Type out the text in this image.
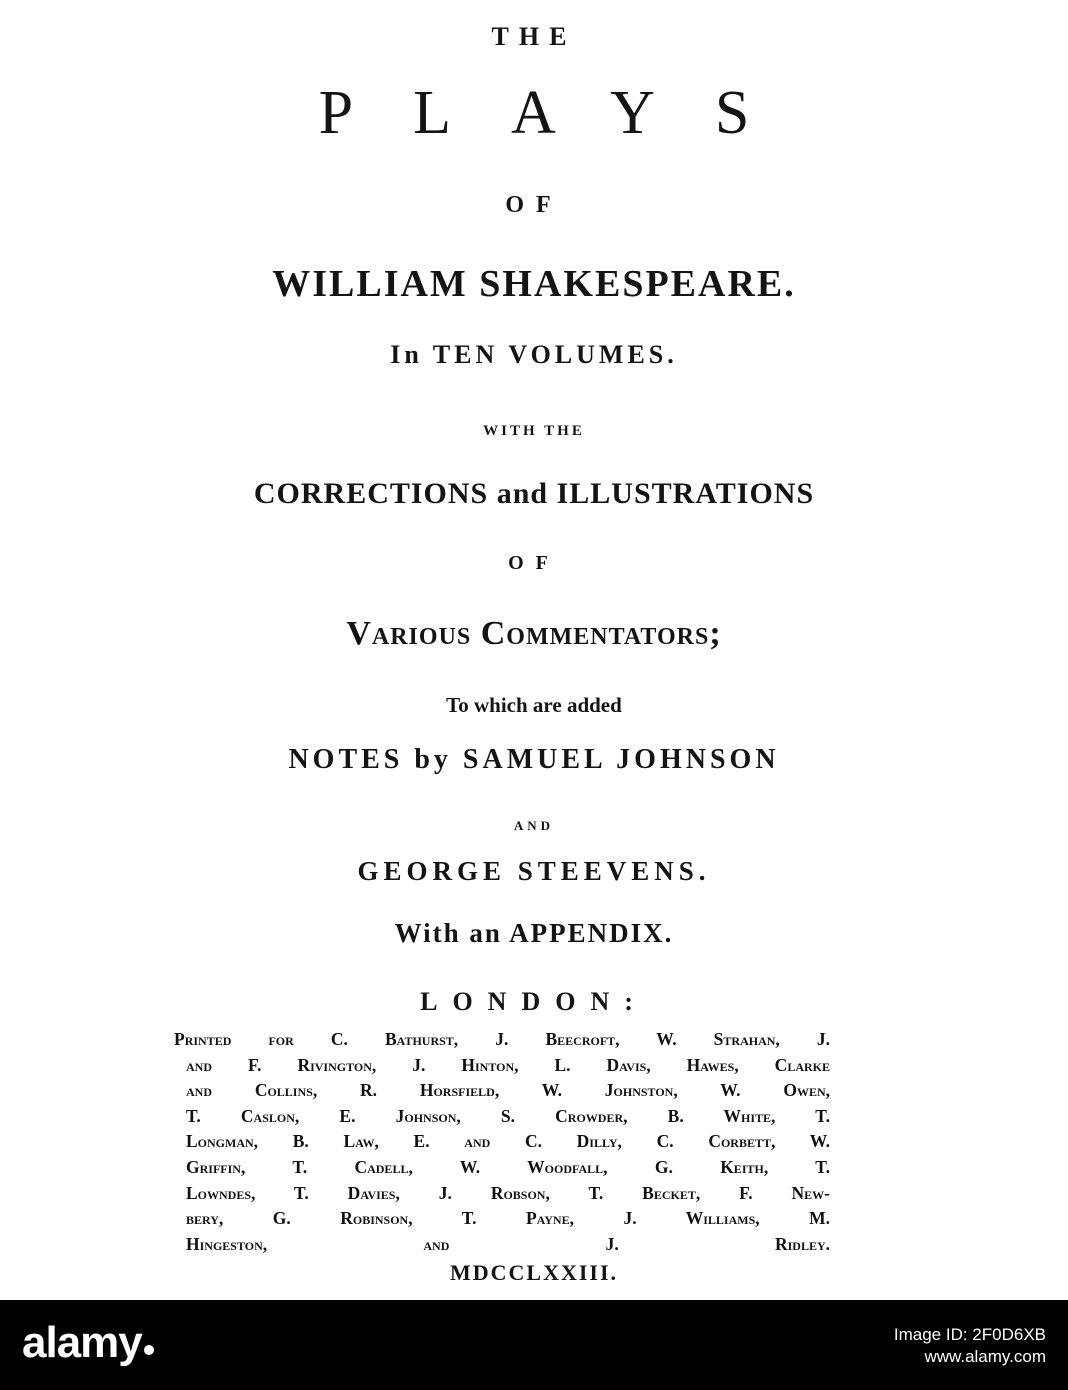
THE
PLAYS
OF
WILLIAM SHAKESPEARE.
In TEN VOLUMES.
WITH THE
CORRECTIONS and ILLUSTRATIONS
OF
Various Commentators;
To which are added
NOTES by SAMUEL JOHNSON
AND
GEORGE STEEVENS.
With an APPENDIX.
LONDON:
Printed for C. Bathurst, J. Beecroft, W. Strahan, J.
and F. Rivington, J. Hinton, L. Davis, Hawes, Clarke
and Collins, R. Horsfield, W. Johnston, W. Owen,
T. Caslon, E. Johnson, S. Crowder, B. White, T.
Longman, B. Law, E. and C. Dilly, C. Corbett, W.
Griffin, T. Cadell, W. Woodfall, G. Keith, T.
Lowndes, T. Davies, J. Robson, T. Becket, F. New-
bery, G. Robinson, T. Payne, J. Williams, M.
Hingeston, and J. Ridley.
MDCCLXXIII.
alamy	Image ID: 2F0D6XB
www.alamy.com
